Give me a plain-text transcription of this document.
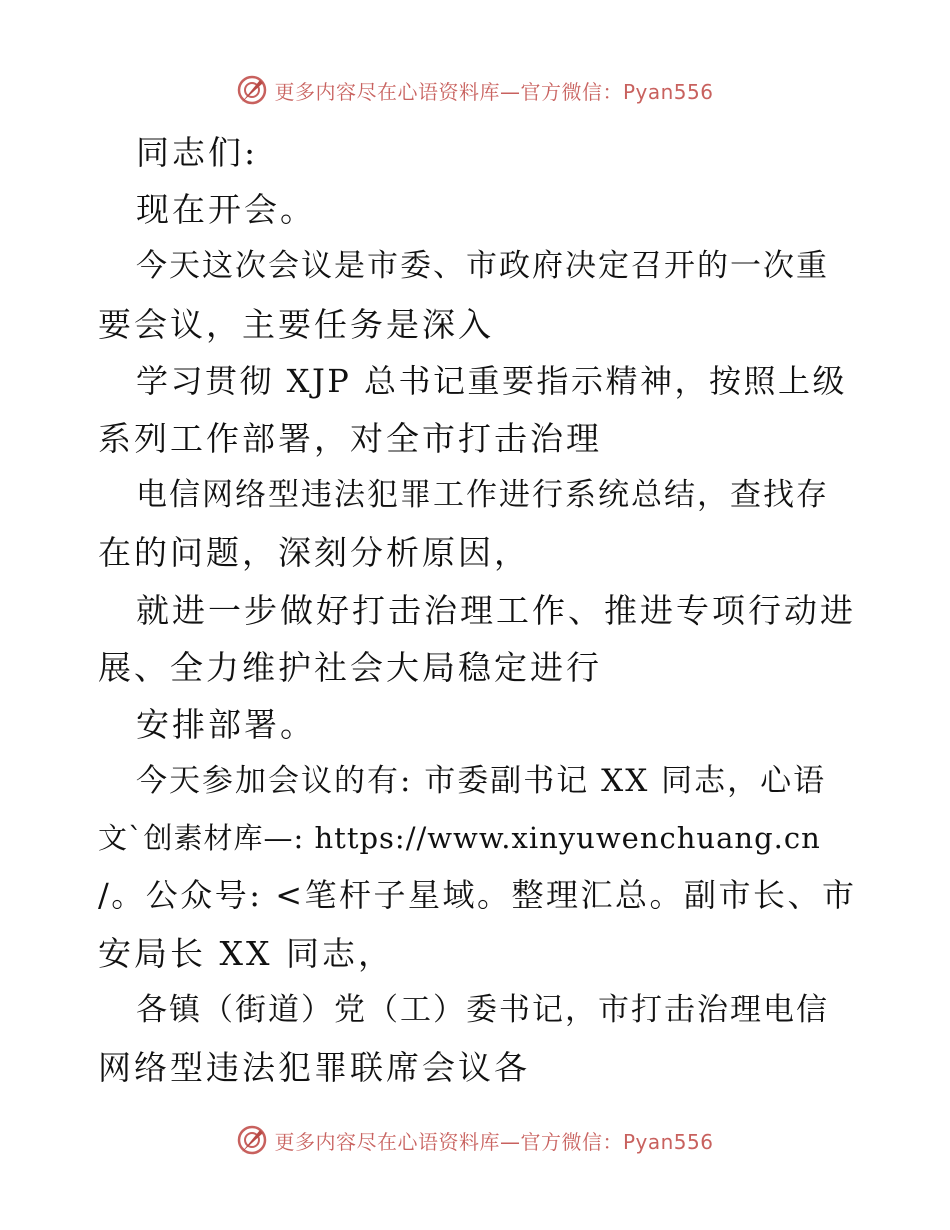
更多内容尽在心语资料库—官方微信：Pyan556
同志们:
现在开会。
今天这次会议是市委、市政府决定召开的一次重
要会议，主要任务是深入
学习贯彻 XJP 总书记重要指示精神，按照上级
系列工作部署，对全市打击治理
电信网络型违法犯罪工作进行系统总结，查找存
在的问题，深刻分析原因，
就进一步做好打击治理工作、推进专项行动进
展、全力维护社会大局稳定进行
安排部署。
今天参加会议的有: 市委副书记 XX 同志，心语
文`创素材库—: https://www.xinyuwenchuang.cn
/。公众号: <笔杆子星域。整理汇总。副市长、市
安局长 XX 同志，
各镇（街道）党（工）委书记，市打击治理电信
网络型违法犯罪联席会议各
更多内容尽在心语资料库—官方微信：Pyan556
